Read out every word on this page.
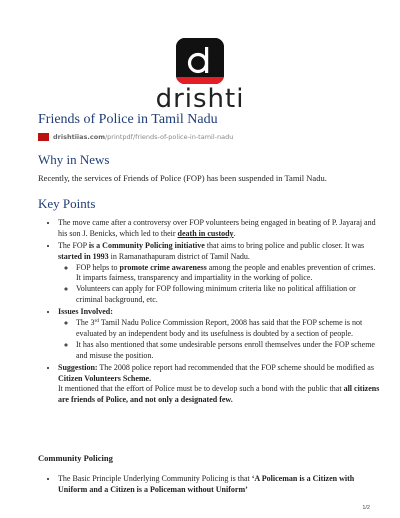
drishti
Friends of Police in Tamil Nadu
drishtiias.com/printpdf/friends-of-police-in-tamil-nadu
Why in News
Recently, the services of Friends of Police (FOP) has been suspended in Tamil Nadu.
Key Points
• The move came after a controversy over FOP volunteers being engaged in beating of P. Jayaraj and his son J. Benicks, which led to their death in custody.
• The FOP is a Community Policing initiative that aims to bring police and public closer. It was started in 1993 in Ramanathapuram district of Tamil Nadu.
◦ FOP helps to promote crime awareness among the people and enables prevention of crimes. It imparts fairness, transparency and impartiality in the working of police.
◦ Volunteers can apply for FOP following minimum criteria like no political affiliation or criminal background, etc.
• Issues Involved:
◦ The 3rd Tamil Nadu Police Commission Report, 2008 has said that the FOP scheme is not evaluated by an independent body and its usefulness is doubted by a section of people.
◦ It has also mentioned that some undesirable persons enroll themselves under the FOP scheme and misuse the position.
• Suggestion: The 2008 police report had recommended that the FOP scheme should be modified as Citizen Volunteers Scheme.
It mentioned that the effort of Police must be to develop such a bond with the public that all citizens are friends of Police, and not only a designated few.
Community Policing
• The Basic Principle Underlying Community Policing is that ‘A Policeman is a Citizen with Uniform and a Citizen is a Policeman without Uniform’
1/2
